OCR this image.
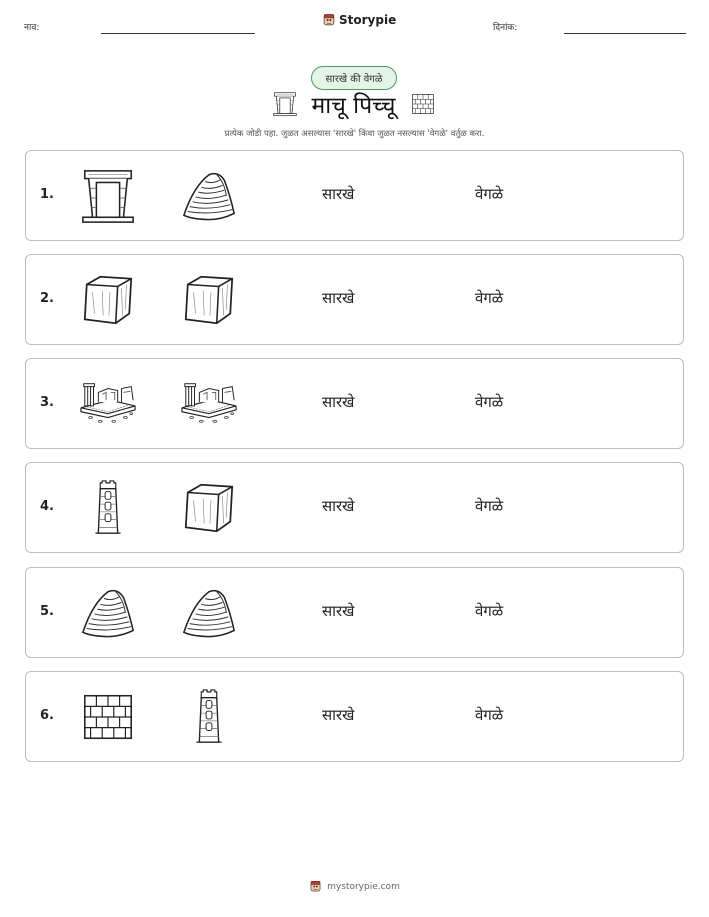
नाव:
Storypie
दिनांक:
सारखे की वेगळे
माचू पिच्चू
प्रत्येक जोडी पहा. जुळत असल्यास 'सारखे' किंवा जुळत नसल्यास 'वेगळे' वर्तुळ करा.
1.	सारखे	वेगळे
2.	सारखे	वेगळे
3.	सारखे	वेगळे
4.	सारखे	वेगळे
5.	सारखे	वेगळे
6.	सारखे	वेगळे
mystorypie.com
